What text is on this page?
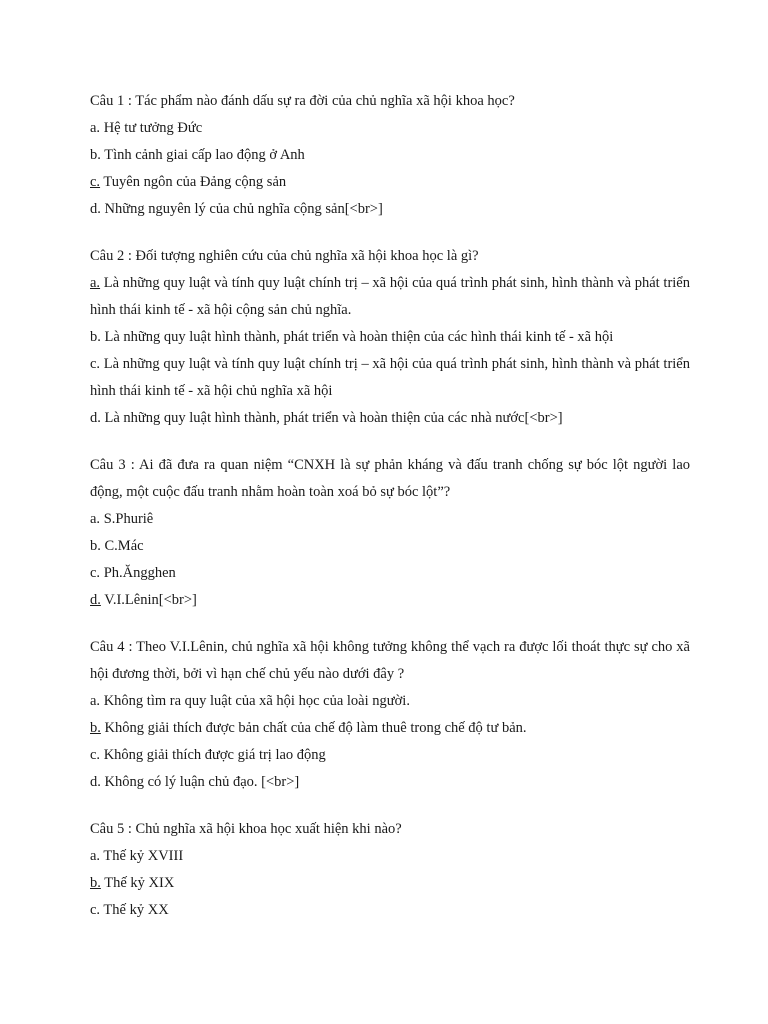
Câu 1 : Tác phẩm nào đánh dấu sự ra đời của chủ nghĩa xã hội khoa học?
a. Hệ tư tưởng Đức
b. Tình cảnh giai cấp lao động ở Anh
c. Tuyên ngôn của Đảng cộng sản
d. Những nguyên lý của chủ nghĩa cộng sản[<br>]
Câu 2 : Đối tượng nghiên cứu của chủ nghĩa xã hội khoa học là gì?
a. Là những quy luật và tính quy luật chính trị – xã hội của quá trình phát sinh, hình thành và phát triển hình thái kinh tế - xã hội cộng sản chủ nghĩa.
b. Là những quy luật hình thành, phát triển và hoàn thiện của các hình thái kinh tế - xã hội
c. Là những quy luật và tính quy luật chính trị – xã hội của quá trình phát sinh, hình thành và phát triển hình thái kinh tế - xã hội chủ nghĩa xã hội
d. Là những quy luật hình thành, phát triển và hoàn thiện của các nhà nước[<br>]
Câu 3 : Ai đã đưa ra quan niệm “CNXH là sự phản kháng và đấu tranh chống sự bóc lột người lao động, một cuộc đấu tranh nhằm hoàn toàn xoá bỏ sự bóc lột”?
a. S.Phuriê
b. C.Mác
c. Ph.Ăngghen
d. V.I.Lênin[<br>]
Câu 4 : Theo V.I.Lênin, chủ nghĩa xã hội không tưởng không thể vạch ra được lối thoát thực sự cho xã hội đương thời, bởi vì hạn chế chủ yếu nào dưới đây ?
a. Không tìm ra quy luật của xã hội học của loài người.
b. Không giải thích được bản chất của chế độ làm thuê trong chế độ tư bản.
c. Không giải thích được giá trị lao động
d. Không có lý luận chủ đạo. [<br>]
Câu 5 : Chủ nghĩa xã hội khoa học xuất hiện khi nào?
a. Thế kỷ XVIII
b. Thế kỷ XIX
c. Thế kỷ XX
